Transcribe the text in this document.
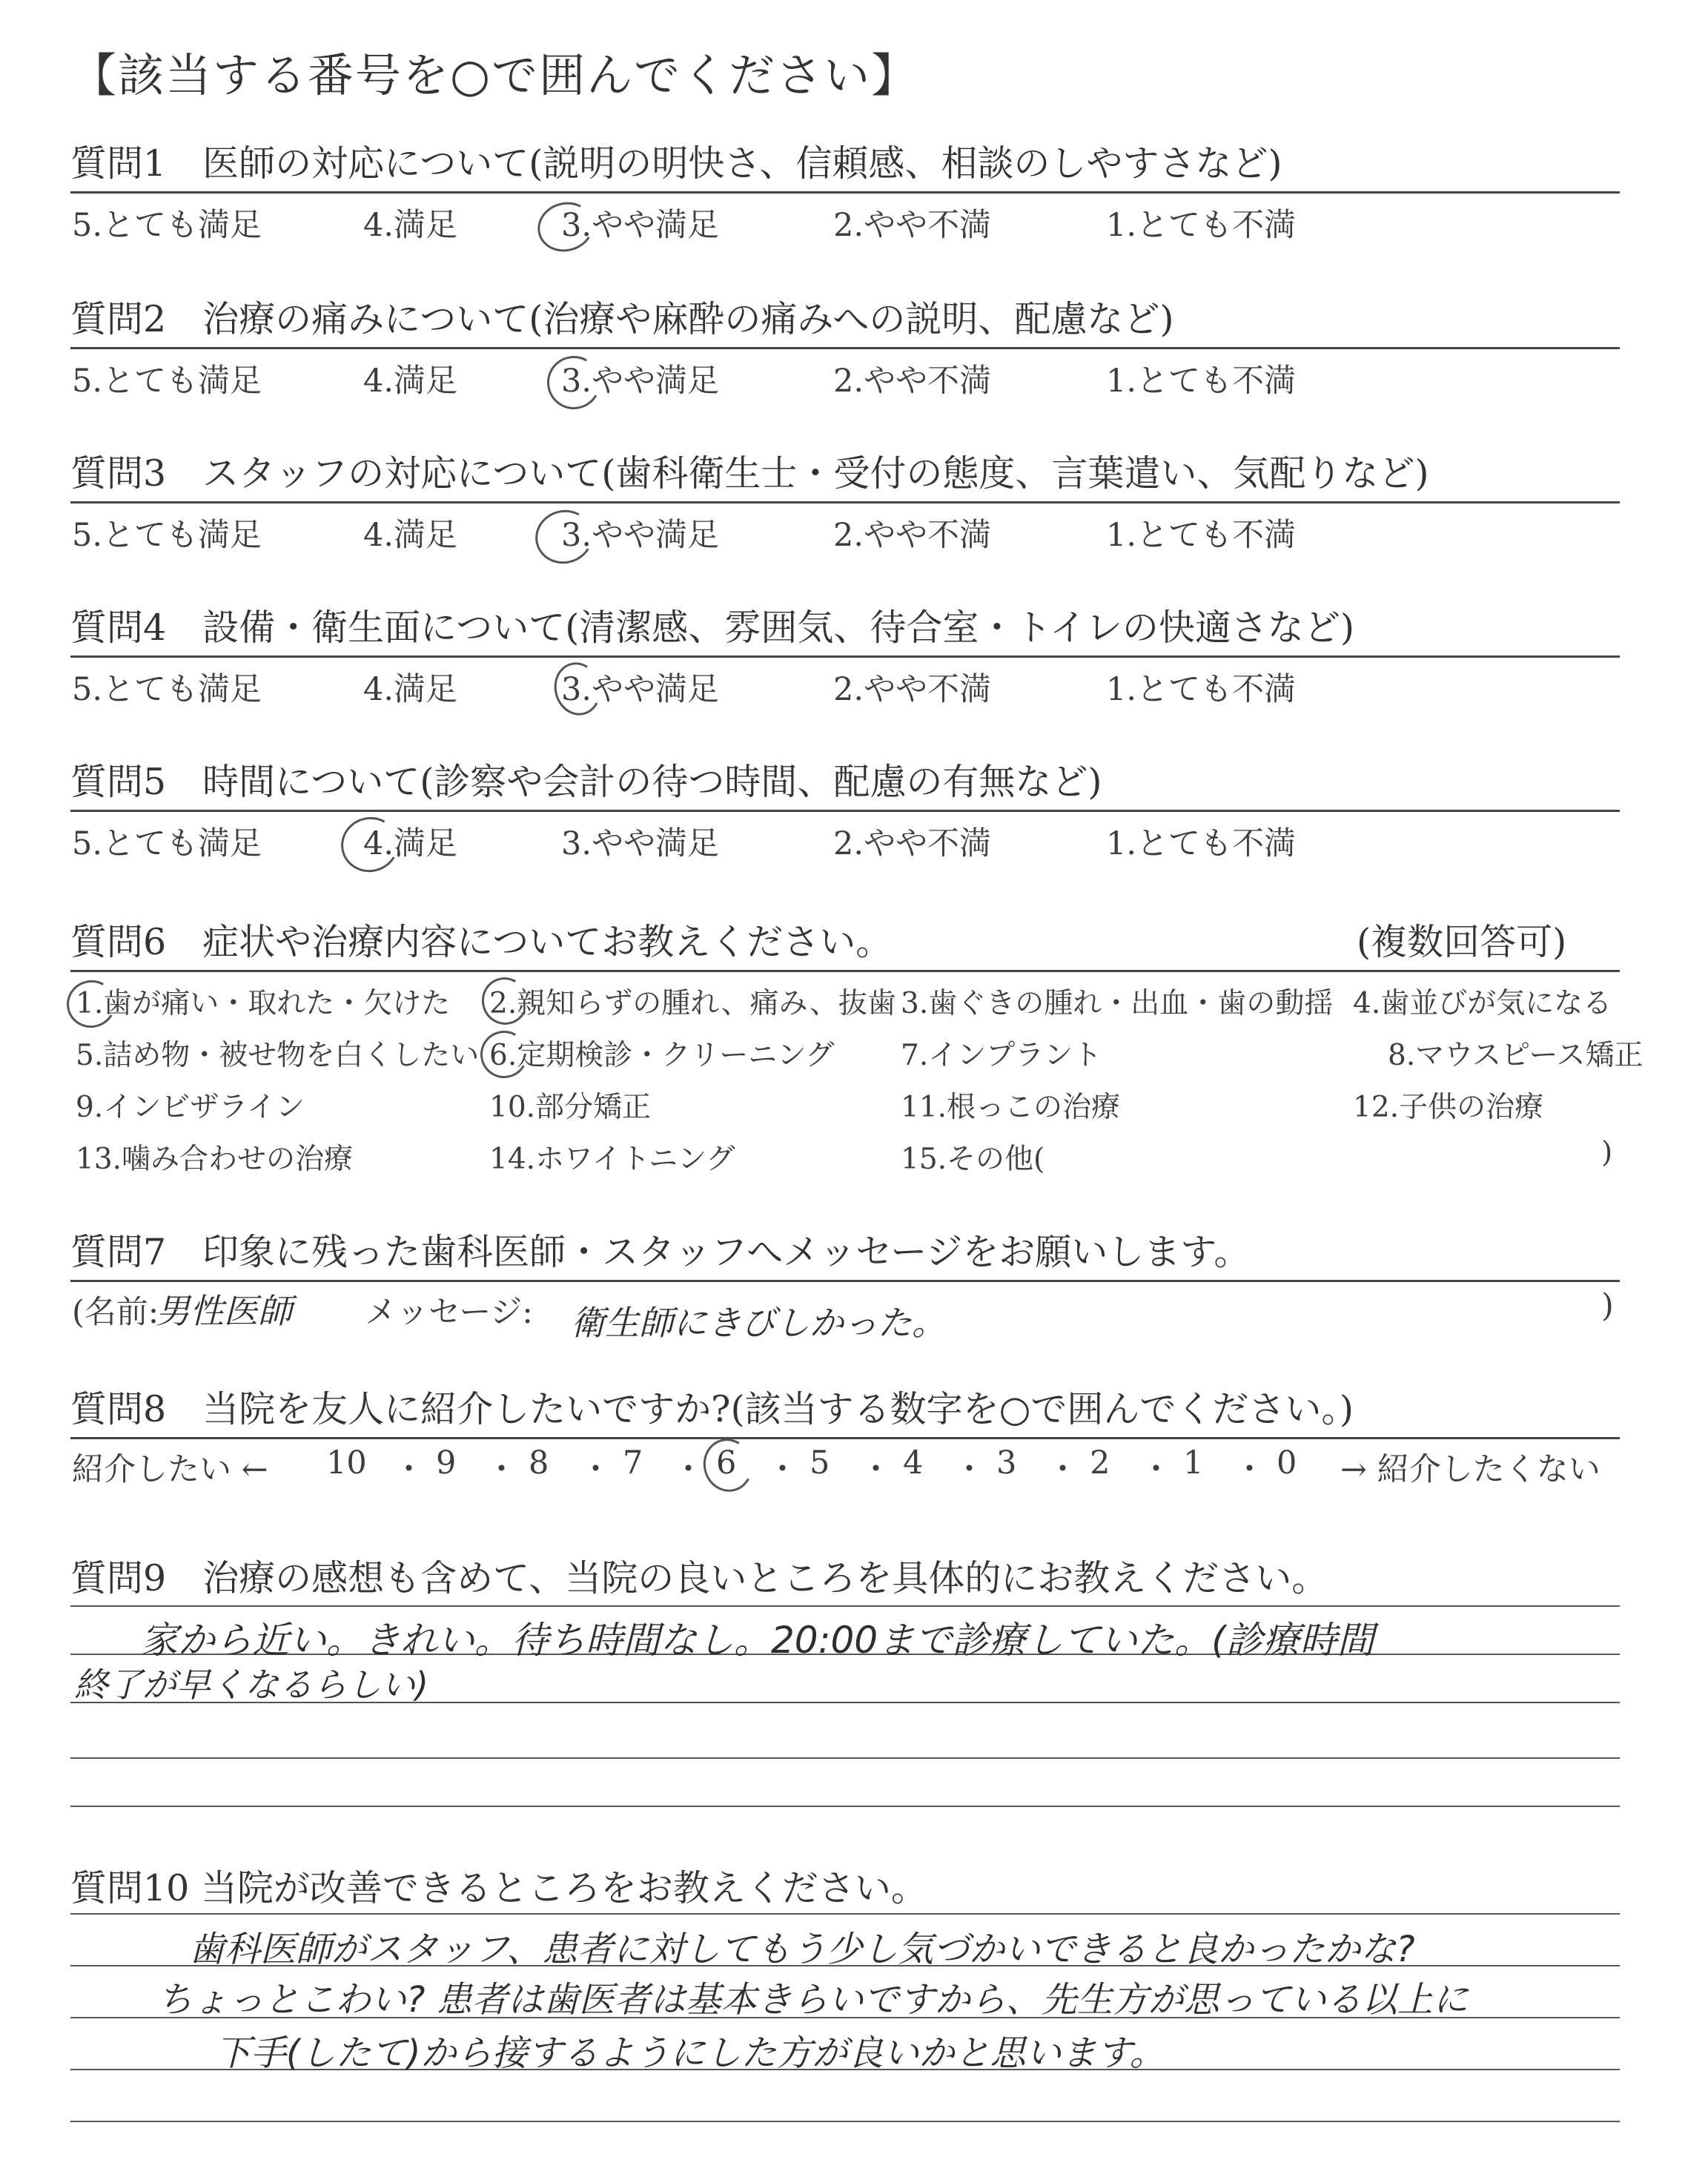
【該当する番号を○で囲んでください】
質問1　医師の対応について(説明の明快さ、信頼感、相談のしやすさなど)
5.とても満足	4.満足	3.やや満足	2.やや不満	1.とても不満
質問2　治療の痛みについて(治療や麻酔の痛みへの説明、配慮など)
5.とても満足	4.満足	3.やや満足	2.やや不満	1.とても不満
質問3　スタッフの対応について(歯科衛生士・受付の態度、言葉遣い、気配りなど)
5.とても満足	4.満足	3.やや満足	2.やや不満	1.とても不満
質問4　設備・衛生面について(清潔感、雰囲気、待合室・トイレの快適さなど)
5.とても満足	4.満足	3.やや満足	2.やや不満	1.とても不満
質問5　時間について(診察や会計の待つ時間、配慮の有無など)
5.とても満足	4.満足	3.やや満足	2.やや不満	1.とても不満
質問6　症状や治療内容についてお教えください。	(複数回答可)
1.歯が痛い・取れた・欠けた 2.親知らずの腫れ、痛み、抜歯 3.歯ぐきの腫れ・出血・歯の動揺 4.歯並びが気になる
5.詰め物・被せ物を白くしたい 6.定期検診・クリーニング 7.インプラント	8.マウスピース矯正
9.インビザライン	10.部分矯正	11.根っこの治療	12.子供の治療
13.噛み合わせの治療	14.ホワイトニング	15.その他(	)
質問7　印象に残った歯科医師・スタッフへメッセージをお願いします。
(名前:
男性医師 メッセージ: 衛生師にきびしかった。	)
質問8　当院を友人に紹介したいですか?(該当する数字を○で囲んでください。)
紹介したい ← 10 9 8 7 6 5 4 3 2 1 0
・ ・ ・ ・ ・ ・ ・ ・ ・ ・ → 紹介したくない
質問9　治療の感想も含めて、当院の良いところを具体的にお教えください。
家から近い。きれい。待ち時間なし。20:00まで診療していた。(診療時間
終了が早くなるらしい)
質問10 当院が改善できるところをお教えください。
歯科医師がスタッフ、患者に対してもう少し気づかいできると良かったかな?
ちょっとこわい? 患者は歯医者は基本きらいですから、先生方が思っている以上に
下手(したて)から接するようにした方が良いかと思います。
